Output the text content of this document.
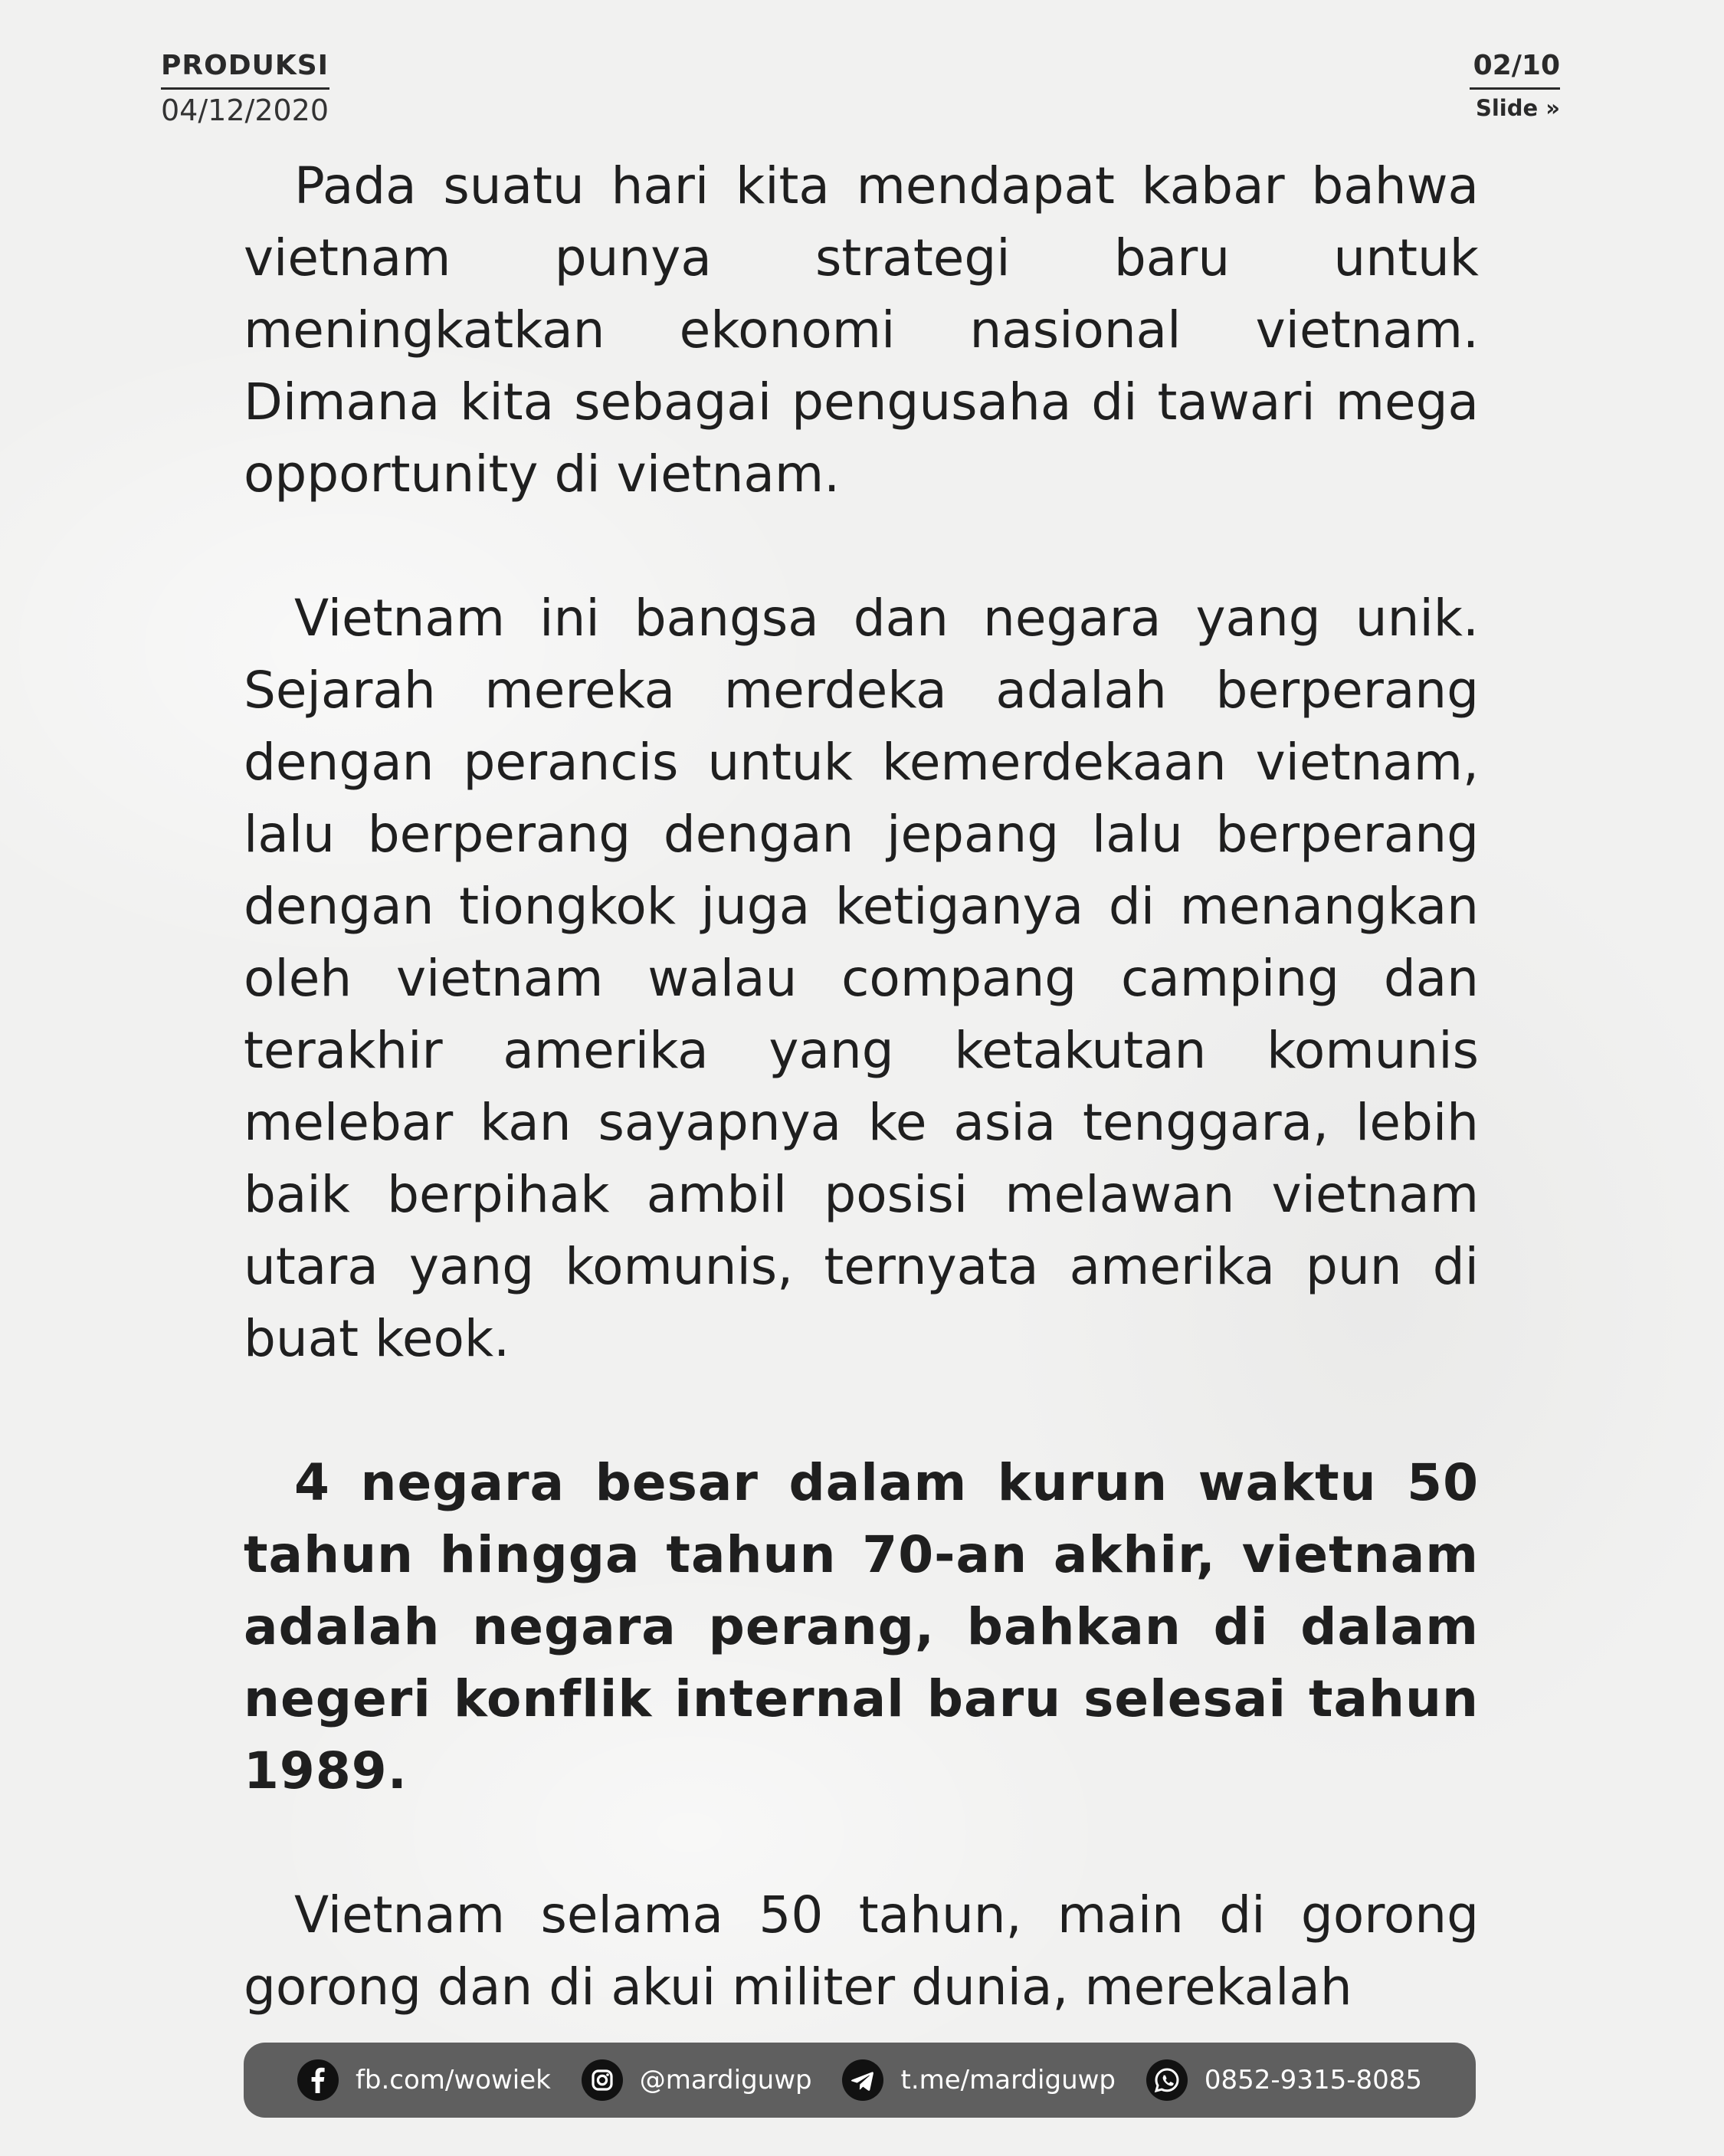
PRODUKSI
04/12/2020
02/10
Slide »

Pada suatu hari kita mendapat kabar bahwa vietnam punya strategi baru untuk meningkatkan ekonomi nasional vietnam. Dimana kita sebagai pengusaha di tawari mega opportunity di vietnam.

Vietnam ini bangsa dan negara yang unik. Sejarah mereka merdeka adalah berperang dengan perancis untuk kemerdekaan vietnam, lalu berperang dengan jepang lalu berperang dengan tiongkok juga ketiganya di menangkan oleh vietnam walau compang camping dan terakhir amerika yang ketakutan komunis melebar kan sayapnya ke asia tenggara, lebih baik berpihak ambil posisi melawan vietnam utara yang komunis, ternyata amerika pun di buat keok.

4 negara besar dalam kurun waktu 50 tahun hingga tahun 70-an akhir, vietnam adalah negara perang, bahkan di dalam negeri konflik internal baru selesai tahun 1989.

Vietnam selama 50 tahun, main di gorong gorong dan di akui militer dunia, merekalah

fb.com/wowiek	@mardiguwp	t.me/mardiguwp	0852-9315-8085
